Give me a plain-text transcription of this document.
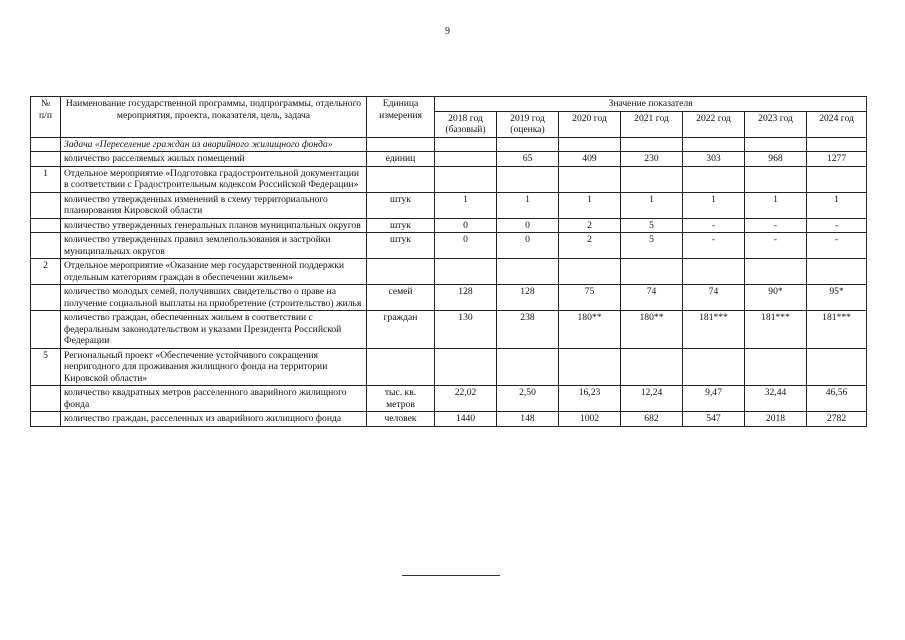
9
№
п/п	Наименование государственной программы, подпрограммы, отдельного мероприятия, проекта, показателя, цель, задача	Единица измерения	Значение показателя						
			2018 год (базовый)	2019 год (оценка)	2020 год	2021 год	2022 год	2023 год	2024 год
	Задача «Переселение граждан из аварийного жилищного фонда»								
	количество расселяемых жилых помещений	единиц		65	409	230	303	968	1277
1	Отдельное мероприятие «Подготовка градостроительной документации в соответствии с Градостроительным кодексом Российской Федерации»								
	количество утвержденных изменений в схему территориального планирования Кировской области	штук	1	1	1	1	1	1	1
	количество утвержденных генеральных планов муниципальных округов	штук	0	0	2	5	-	-	-
	количество утвержденных правил землепользования и застройки муниципальных округов	штук	0	0	2	5	-	-	-
2	Отдельное мероприятие «Оказание мер государственной поддержки отдельным категориям граждан в обеспечении жильем»								
	количество молодых семей, получивших свидетельство о праве на получение социальной выплаты на приобретение (строительство) жилья	семей	128	128	75	74	74	90*	95*
	количество граждан, обеспеченных жильем в соответствии с федеральным законодательством и указами Президента Российской Федерации	граждан	130	238	180**	180**	181***	181***	181***
5	Региональный проект «Обеспечение устойчивого сокращения непригодного для проживания жилищного фонда на территории Кировской области»								
	количество квадратных метров расселенного аварийного жилищного фонда	тыс. кв. метров	22,02	2,50	16,23	12,24	9,47	32,44	46,56
	количество граждан, расселенных из аварийного жилищного фонда	человек	1440	148	1002	682	547	2018	2782
